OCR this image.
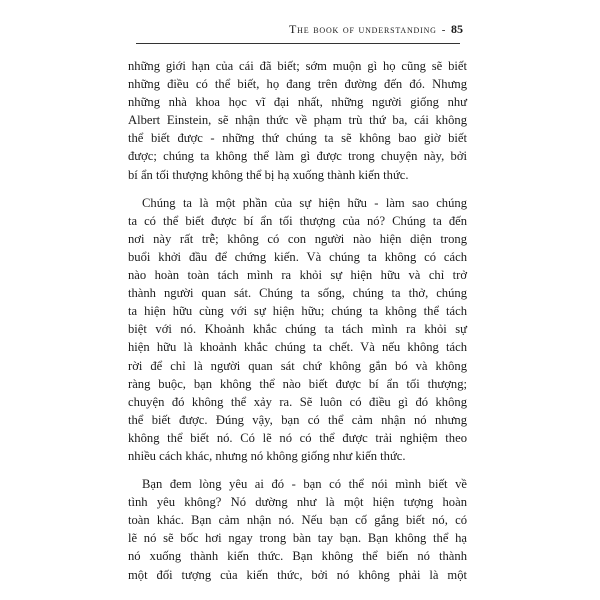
The book of understanding - 85

những giới hạn của cái đã biết; sớm muộn gì họ cũng sẽ biết
những điều có thể biết, họ đang trên đường đến đó. Nhưng
những nhà khoa học vĩ đại nhất, những người giống như
Albert Einstein, sẽ nhận thức về phạm trù thứ ba, cái không
thể biết được - những thứ chúng ta sẽ không bao giờ biết
được; chúng ta không thể làm gì được trong chuyện này, bởi
bí ẩn tối thượng không thể bị hạ xuống thành kiến thức.

Chúng ta là một phần của sự hiện hữu - làm sao chúng
ta có thể biết được bí ẩn tối thượng của nó? Chúng ta đến
nơi này rất trễ; không có con người nào hiện diện trong
buổi khởi đầu để chứng kiến. Và chúng ta không có cách
nào hoàn toàn tách mình ra khỏi sự hiện hữu và chỉ trở
thành người quan sát. Chúng ta sống, chúng ta thở, chúng
ta hiện hữu cùng với sự hiện hữu; chúng ta không thể tách
biệt với nó. Khoảnh khắc chúng ta tách mình ra khỏi sự
hiện hữu là khoảnh khắc chúng ta chết. Và nếu không tách
rời để chỉ là người quan sát chứ không gắn bó và không
ràng buộc, bạn không thể nào biết được bí ẩn tối thượng;
chuyện đó không thể xảy ra. Sẽ luôn có điều gì đó không
thể biết được. Đúng vậy, bạn có thể cảm nhận nó nhưng
không thể biết nó. Có lẽ nó có thể được trải nghiệm theo
nhiều cách khác, nhưng nó không giống như kiến thức.

Bạn đem lòng yêu ai đó - bạn có thể nói mình biết về
tình yêu không? Nó dường như là một hiện tượng hoàn
toàn khác. Bạn cảm nhận nó. Nếu bạn cố gắng biết nó, có
lẽ nó sẽ bốc hơi ngay trong bàn tay bạn. Bạn không thể hạ
nó xuống thành kiến thức. Bạn không thể biến nó thành
một đối tượng của kiến thức, bởi nó không phải là một
